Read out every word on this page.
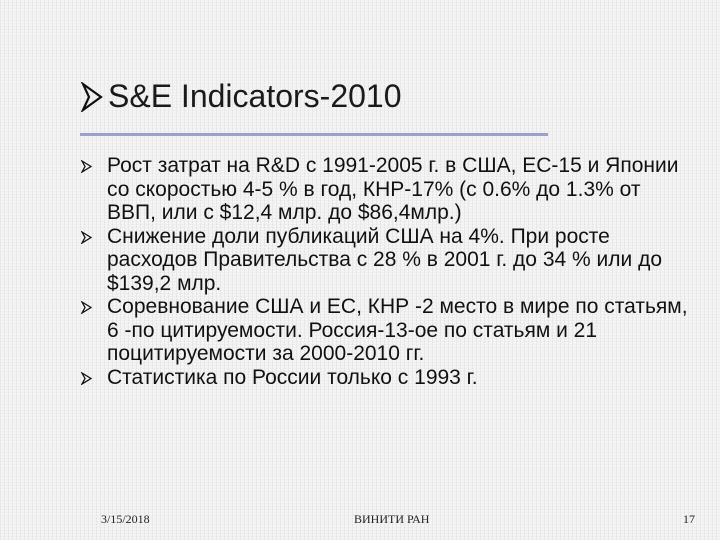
S&E Indicators-2010
Рост затрат на R&D с 1991-2005 г. в США, ЕС-15 и Японии со скоростью 4-5 % в год, КНР-17% (с 0.6% до 1.3% от ВВП, или с $12,4 млр. до $86,4млр.)
Снижение доли публикаций США на 4%. При росте расходов Правительства с 28 % в 2001 г. до 34 % или до $139,2 млр.
Соревнование США и ЕС, КНР -2 место в мире по статьям, 6 -по цитируемости. Россия-13-ое по статьям и 21 поцитируемости за 2000-2010 гг.
Статистика по России только с 1993 г.
3/15/2018	ВИНИТИ РАН	17
